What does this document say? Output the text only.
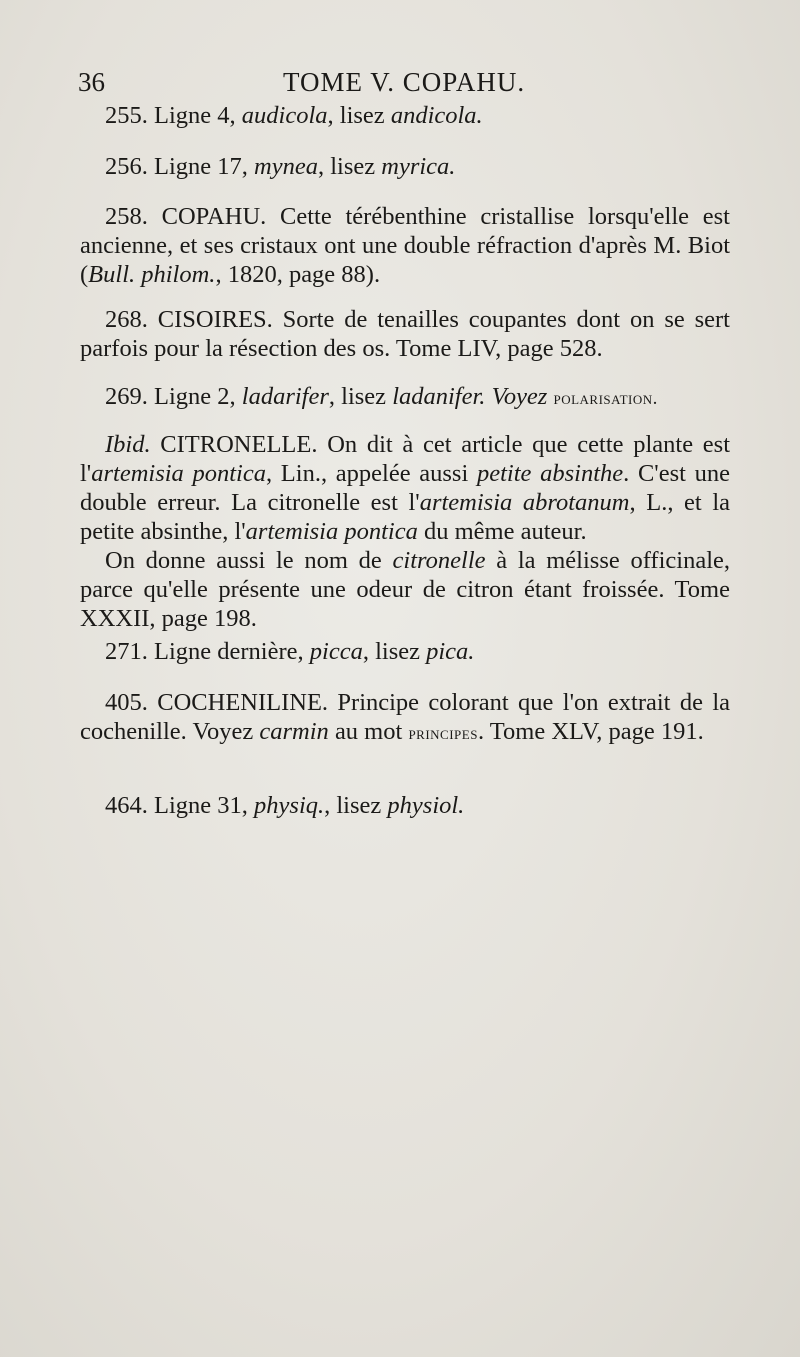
36	TOME V. COPAHU.

255. Ligne 4, audicola, lisez andicola.

256. Ligne 17, mynea, lisez myrica.

258. COPAHU. Cette térébenthine cristallise lorsqu'elle est ancienne, et ses cristaux ont une double réfraction d'après M. Biot (Bull. philom., 1820, page 88).

268. CISOIRES. Sorte de tenailles coupantes dont on se sert parfois pour la résection des os. Tome LIV, page 528.

269. Ligne 2, ladarifer, lisez ladanifer. Voyez polarisation.

Ibid. CITRONELLE. On dit à cet article que cette plante est l'artemisia pontica, Lin., appelée aussi petite absinthe. C'est une double erreur. La citronelle est l'artemisia abrotanum, L., et la petite absinthe, l'artemisia pontica du même auteur.

On donne aussi le nom de citronelle à la mélisse officinale, parce qu'elle présente une odeur de citron étant froissée. Tome XXXII, page 198.

271. Ligne dernière, picca, lisez pica.

405. COCHENILINE. Principe colorant que l'on extrait de la cochenille. Voyez carmin au mot principes. Tome XLV, page 191.

464. Ligne 31, physiq., lisez physiol.
